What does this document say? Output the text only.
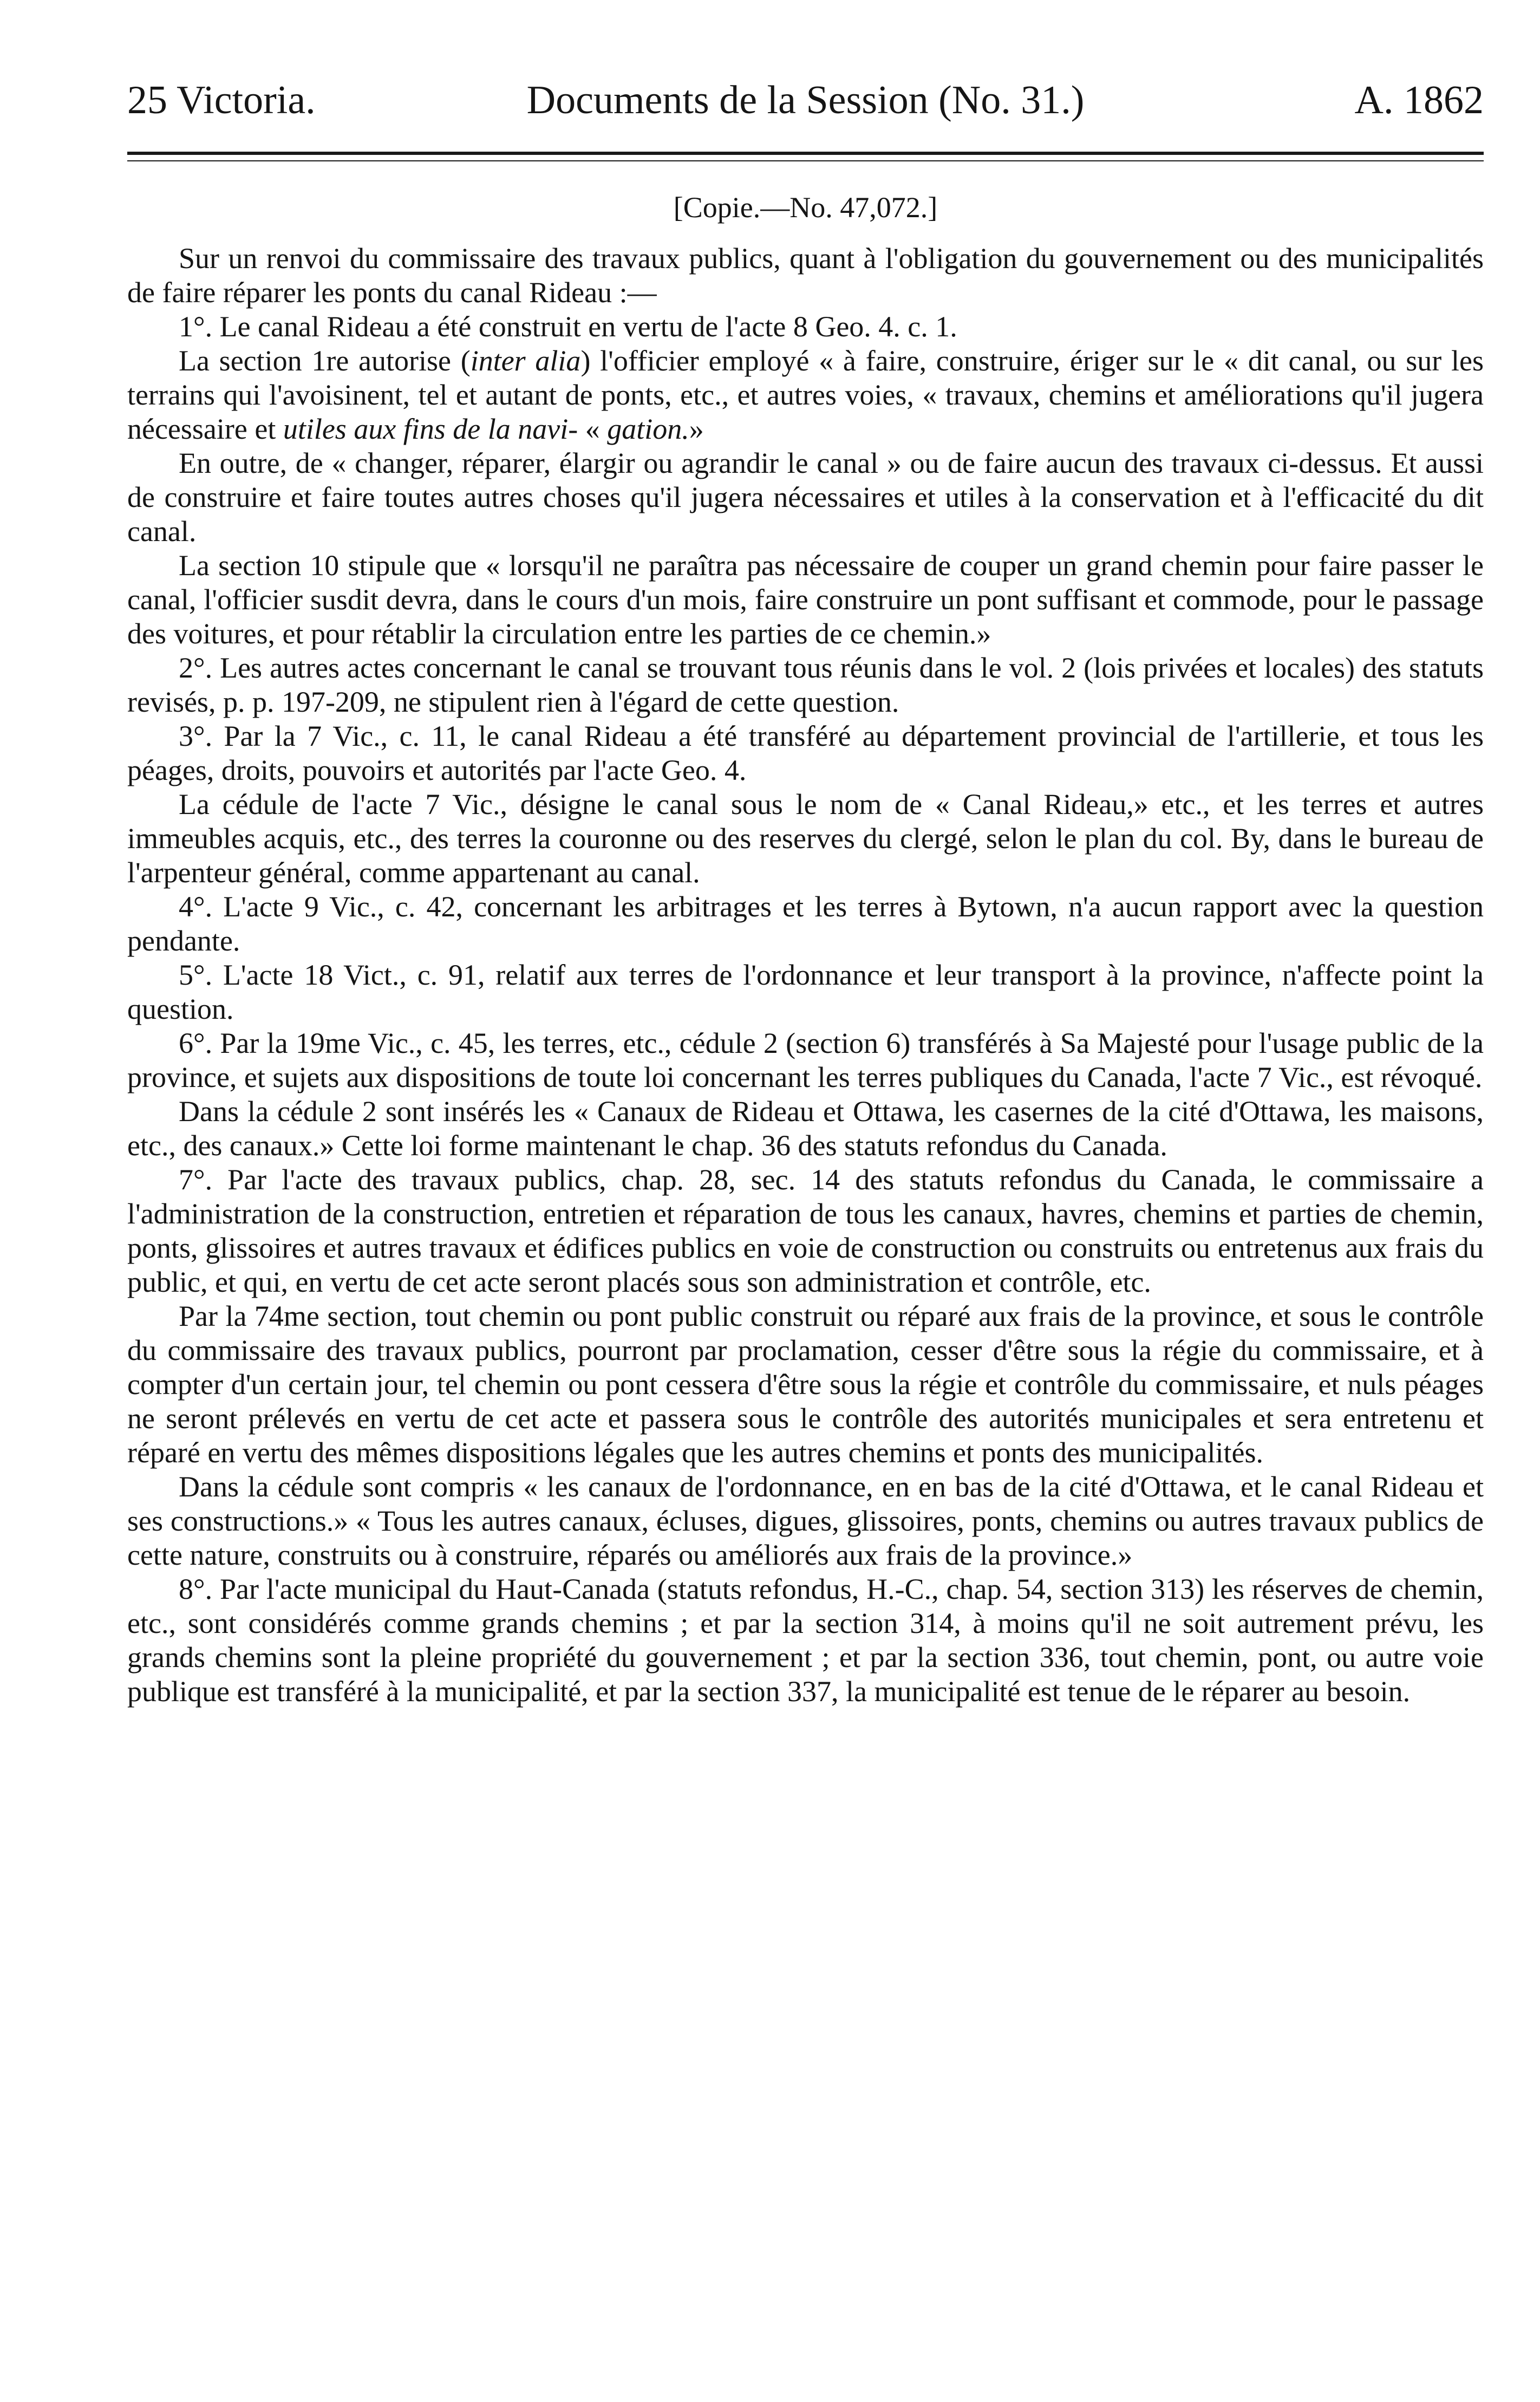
25 Victoria.	Documents de la Session (No. 31.)	A. 1862
[Copie.—No. 47,072.]

Sur un renvoi du commissaire des travaux publics, quant à l'obligation du gouvernement ou des municipalités de faire réparer les ponts du canal Rideau :—

1°. Le canal Rideau a été construit en vertu de l'acte 8 Geo. 4. c. 1.

La section 1re autorise (inter alia) l'officier employé « à faire, construire, ériger sur le « dit canal, ou sur les terrains qui l'avoisinent, tel et autant de ponts, etc., et autres voies, « travaux, chemins et améliorations qu'il jugera nécessaire et utiles aux fins de la navi- « gation.»

En outre, de « changer, réparer, élargir ou agrandir le canal » ou de faire aucun des travaux ci-dessus. Et aussi de construire et faire toutes autres choses qu'il jugera nécessaires et utiles à la conservation et à l'efficacité du dit canal.

La section 10 stipule que « lorsqu'il ne paraîtra pas nécessaire de couper un grand chemin pour faire passer le canal, l'officier susdit devra, dans le cours d'un mois, faire construire un pont suffisant et commode, pour le passage des voitures, et pour rétablir la circulation entre les parties de ce chemin.»

2°. Les autres actes concernant le canal se trouvant tous réunis dans le vol. 2 (lois privées et locales) des statuts revisés, p. p. 197-209, ne stipulent rien à l'égard de cette question.

3°. Par la 7 Vic., c. 11, le canal Rideau a été transféré au département provincial de l'artillerie, et tous les péages, droits, pouvoirs et autorités par l'acte Geo. 4.

La cédule de l'acte 7 Vic., désigne le canal sous le nom de « Canal Rideau,» etc., et les terres et autres immeubles acquis, etc., des terres la couronne ou des reserves du clergé, selon le plan du col. By, dans le bureau de l'arpenteur général, comme appartenant au canal.

4°. L'acte 9 Vic., c. 42, concernant les arbitrages et les terres à Bytown, n'a aucun rapport avec la question pendante.

5°. L'acte 18 Vict., c. 91, relatif aux terres de l'ordonnance et leur transport à la province, n'affecte point la question.

6°. Par la 19me Vic., c. 45, les terres, etc., cédule 2 (section 6) transférés à Sa Majesté pour l'usage public de la province, et sujets aux dispositions de toute loi concernant les terres publiques du Canada, l'acte 7 Vic., est révoqué.

Dans la cédule 2 sont insérés les « Canaux de Rideau et Ottawa, les casernes de la cité d'Ottawa, les maisons, etc., des canaux.» Cette loi forme maintenant le chap. 36 des statuts refondus du Canada.

7°. Par l'acte des travaux publics, chap. 28, sec. 14 des statuts refondus du Canada, le commissaire a l'administration de la construction, entretien et réparation de tous les canaux, havres, chemins et parties de chemin, ponts, glissoires et autres travaux et édifices publics en voie de construction ou construits ou entretenus aux frais du public, et qui, en vertu de cet acte seront placés sous son administration et contrôle, etc.

Par la 74me section, tout chemin ou pont public construit ou réparé aux frais de la province, et sous le contrôle du commissaire des travaux publics, pourront par proclamation, cesser d'être sous la régie du commissaire, et à compter d'un certain jour, tel chemin ou pont cessera d'être sous la régie et contrôle du commissaire, et nuls péages ne seront prélevés en vertu de cet acte et passera sous le contrôle des autorités municipales et sera entretenu et réparé en vertu des mêmes dispositions légales que les autres chemins et ponts des municipalités.

Dans la cédule sont compris « les canaux de l'ordonnance, en en bas de la cité d'Ottawa, et le canal Rideau et ses constructions.» « Tous les autres canaux, écluses, digues, glissoires, ponts, chemins ou autres travaux publics de cette nature, construits ou à construire, réparés ou améliorés aux frais de la province.»

8°. Par l'acte municipal du Haut-Canada (statuts refondus, H.-C., chap. 54, section 313) les réserves de chemin, etc., sont considérés comme grands chemins ; et par la section 314, à moins qu'il ne soit autrement prévu, les grands chemins sont la pleine propriété du gouvernement ; et par la section 336, tout chemin, pont, ou autre voie publique est transféré à la municipalité, et par la section 337, la municipalité est tenue de le réparer au besoin.
